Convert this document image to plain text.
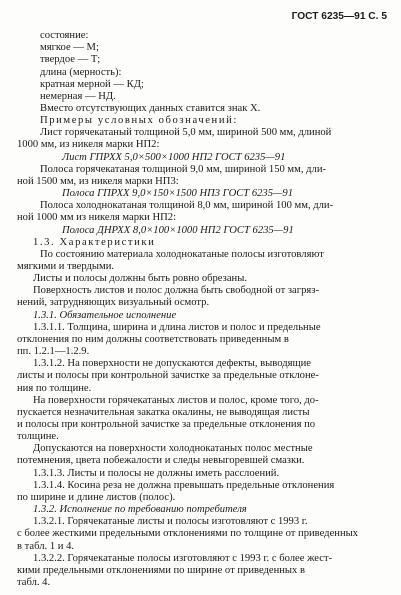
ГОСТ 6235—91 С. 5
состояние:
мягкое — М;
твердое — Т;
длина (мерность):
кратная мерной — КД;
немерная — НД.
Вместо отсутствующих данных ставится знак Х.
Примеры условных обозначений:
Лист горячекатаный толщиной 5,0 мм, шириной 500 мм, длиной
1000 мм, из никеля марки НП2:
Лист ГПРХХ 5,0×500×1000 НП2 ГОСТ 6235—91
Полоса горячекатаная толщиной 9,0 мм, шириной 150 мм, дли-
ной 1500 мм, из никеля марки НП3:
Полоса ГПРХХ 9,0×150×1500 НП3 ГОСТ 6235—91
Полоса холоднокатаная толщиной 8,0 мм, шириной 100 мм, дли-
ной 1000 мм из никеля марки НП2:
Полоса ДНРХХ 8,0×100×1000 НП2 ГОСТ 6235—91
1.3. Характеристики
По состоянию материала холоднокатаные полосы изготовляют
мягкими и твердыми.
Листы и полосы должны быть ровно обрезаны.
Поверхность листов и полос должна быть свободной от загряз-
нений, затрудняющих визуальный осмотр.
1.3.1. Обязательное исполнение
1.3.1.1. Толщина, ширина и длина листов и полос и предельные
отклонения по ним должны соответствовать приведенным в
пп. 1.2.1—1.2.9.
1.3.1.2. На поверхности не допускаются дефекты, выводящие
листы и полосы при контрольной зачистке за предельные отклоне-
ния по толщине.
На поверхности горячекатаных листов и полос, кроме того, до-
пускается незначительная закатка окалины, не выводящая листы
и полосы при контрольной зачистке за предельные отклонения по
толщине.
Допускаются на поверхности холоднокатаных полос местные
потемнения, цвета побежалости и следы невыгоревшей смазки.
1.3.1.3. Листы и полосы не должны иметь расслоений.
1.3.1.4. Косина реза не должна превышать предельные отклонения
по ширине и длине листов (полос).
1.3.2. Исполнение по требованию потребителя
1.3.2.1. Горячекатаные листы и полосы изготовляют с 1993 г.
с более жесткими предельными отклонениями по толщине от приведенных
в табл. 1 и 4.
1.3.2.2. Горячекатаные полосы изготовляют с 1993 г. с более жест-
кими предельными отклонениями по ширине от приведенных в
табл. 4.
